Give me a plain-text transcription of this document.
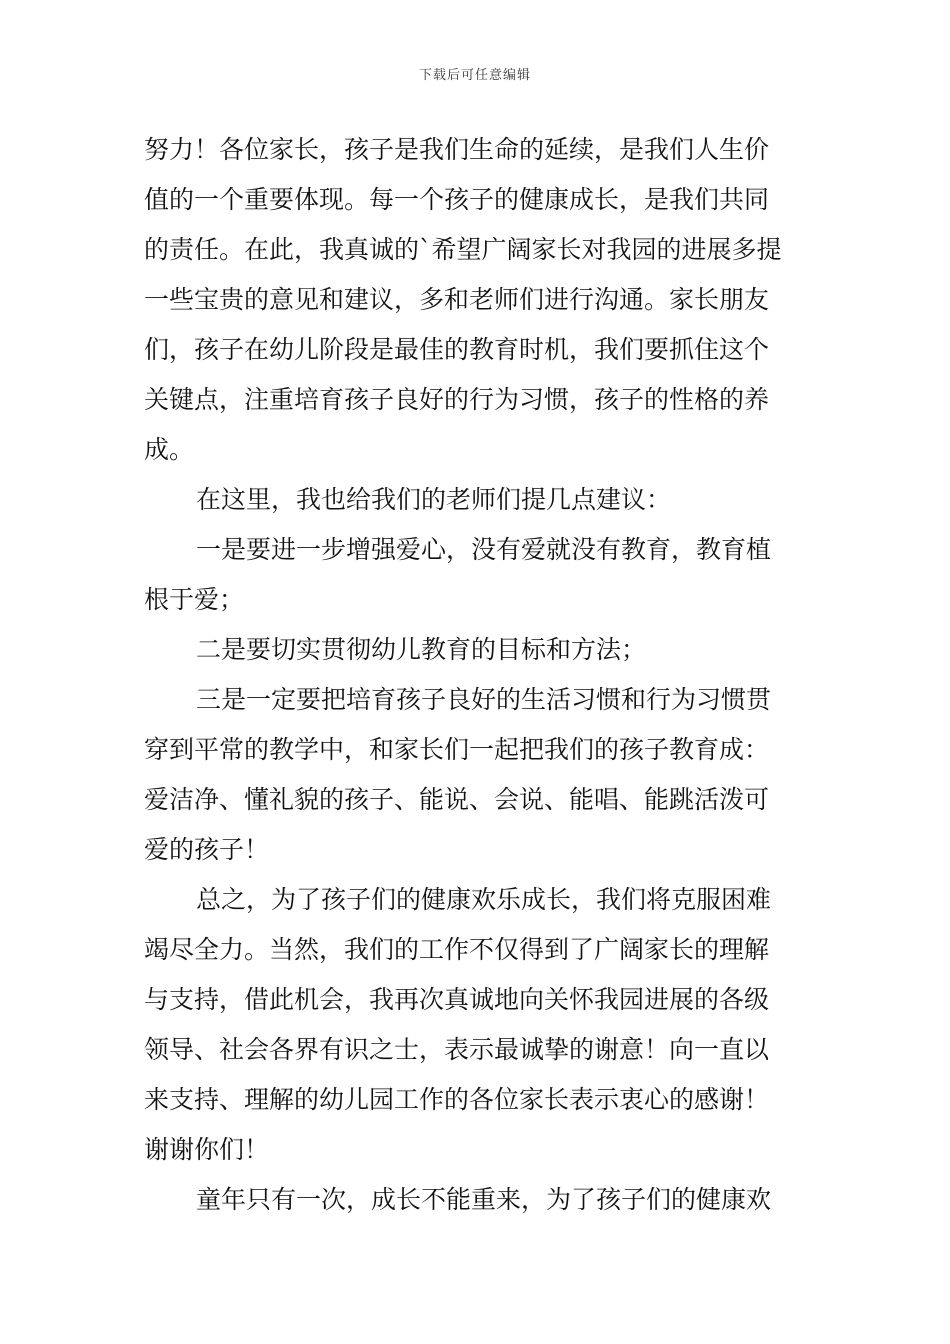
下载后可任意编辑
努力！各位家长，孩子是我们生命的延续，是我们人生价
值的一个重要体现。每一个孩子的健康成长，是我们共同
的责任。在此，我真诚的`希望广阔家长对我园的进展多提
一些宝贵的意见和建议，多和老师们进行沟通。家长朋友
们，孩子在幼儿阶段是最佳的教育时机，我们要抓住这个
关键点，注重培育孩子良好的行为习惯，孩子的性格的养
成。
在这里，我也给我们的老师们提几点建议：
一是要进一步增强爱心，没有爱就没有教育，教育植
根于爱；
二是要切实贯彻幼儿教育的目标和方法；
三是一定要把培育孩子良好的生活习惯和行为习惯贯
穿到平常的教学中，和家长们一起把我们的孩子教育成：
爱洁净、懂礼貌的孩子、能说、会说、能唱、能跳活泼可
爱的孩子！
总之，为了孩子们的健康欢乐成长，我们将克服困难
竭尽全力。当然，我们的工作不仅得到了广阔家长的理解
与支持，借此机会，我再次真诚地向关怀我园进展的各级
领导、社会各界有识之士，表示最诚挚的谢意！向一直以
来支持、理解的幼儿园工作的各位家长表示衷心的感谢！
谢谢你们！
童年只有一次，成长不能重来，为了孩子们的健康欢
